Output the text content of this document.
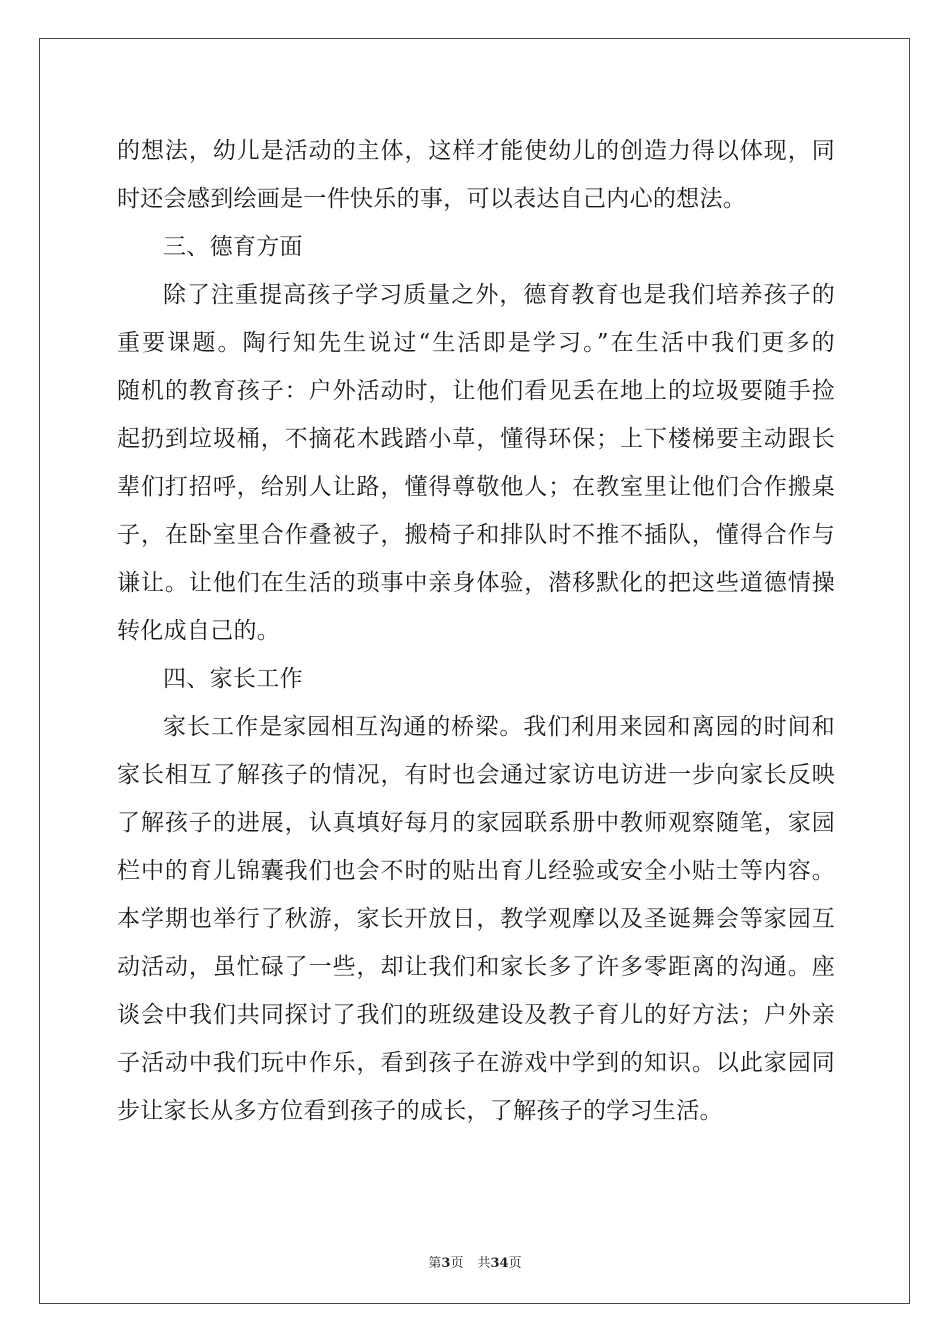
的想法，幼儿是活动的主体，这样才能使幼儿的创造力得以体现，同
时还会感到绘画是一件快乐的事，可以表达自己内心的想法。
三、德育方面
除了注重提高孩子学习质量之外，德育教育也是我们培养孩子的
重要课题。陶行知先生说过“生活即是学习。”在生活中我们更多的
随机的教育孩子：户外活动时，让他们看见丢在地上的垃圾要随手捡
起扔到垃圾桶，不摘花木践踏小草，懂得环保；上下楼梯要主动跟长
辈们打招呼，给别人让路，懂得尊敬他人；在教室里让他们合作搬桌
子，在卧室里合作叠被子，搬椅子和排队时不推不插队，懂得合作与
谦让。让他们在生活的琐事中亲身体验，潜移默化的把这些道德情操
转化成自己的。
四、家长工作
家长工作是家园相互沟通的桥梁。我们利用来园和离园的时间和
家长相互了解孩子的情况，有时也会通过家访电访进一步向家长反映
了解孩子的进展，认真填好每月的家园联系册中教师观察随笔，家园
栏中的育儿锦囊我们也会不时的贴出育儿经验或安全小贴士等内容。
本学期也举行了秋游，家长开放日，教学观摩以及圣诞舞会等家园互
动活动，虽忙碌了一些，却让我们和家长多了许多零距离的沟通。座
谈会中我们共同探讨了我们的班级建设及教子育儿的好方法；户外亲
子活动中我们玩中作乐，看到孩子在游戏中学到的知识。以此家园同
步让家长从多方位看到孩子的成长，了解孩子的学习生活。
第3页 共34页
